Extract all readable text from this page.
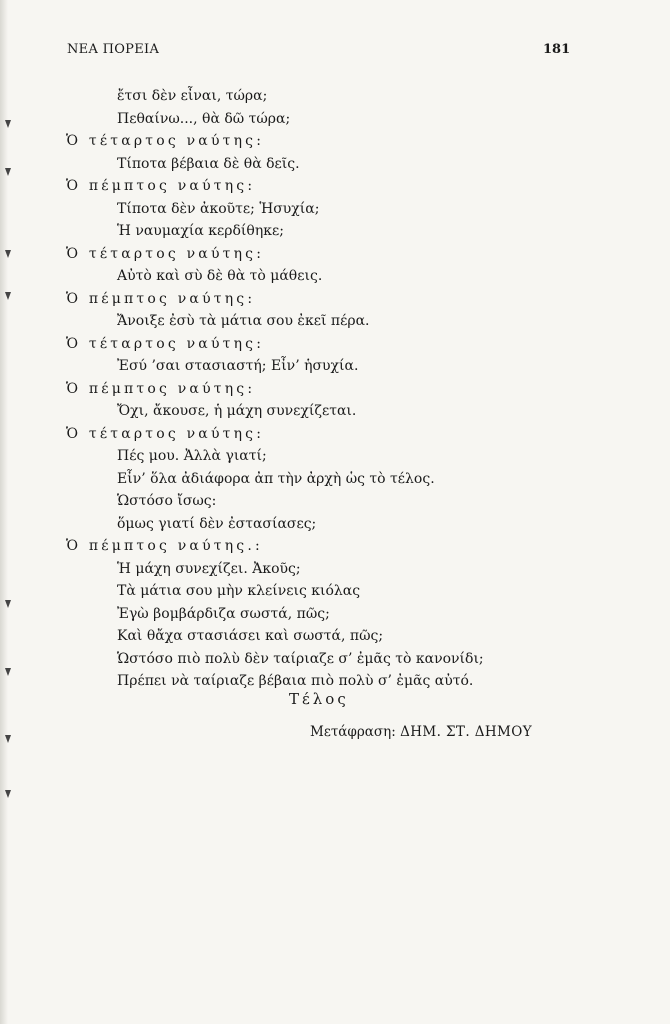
ΝΕΑ ΠΟΡΕΙΑ	181
ἔτσι δὲν εἶναι, τώρα;
Πεθαίνω..., θὰ δῶ τώρα;
Ὁ τέταρτος ναύτης:
Τίποτα βέβαια δὲ θὰ δεῖς.
Ὁ πέμπτος ναύτης:
Τίποτα δὲν ἀκοῦτε; Ἡσυχία;
Ἡ ναυμαχία κερδίθηκε;
Ὁ τέταρτος ναύτης:
Αὐτὸ καὶ σὺ δὲ θὰ τὸ μάθεις.
Ὁ πέμπτος ναύτης:
Ἄνοιξε ἐσὺ τὰ μάτια σου ἐκεῖ πέρα.
Ὁ τέταρτος ναύτης:
Ἐσύ ’σαι στασιαστή; Εἶν’ ἡσυχία.
Ὁ πέμπτος ναύτης:
Ὄχι, ἄκουσε, ἡ μάχη συνεχίζεται.
Ὁ τέταρτος ναύτης:
Πές μου. Ἀλλὰ γιατί;
Εἶν’ ὅλα ἀδιάφορα ἀπ τὴν ἀρχὴ ὡς τὸ τέλος.
Ὡστόσο ἴσως:
ὅμως γιατί δὲν ἐστασίασες;
Ὁ πέμπτος ναύτης.:
Ἡ μάχη συνεχίζει. Ἀκοῦς;
Τὰ μάτια σου μὴν κλείνεις κιόλας
Ἐγὼ βομβάρδιζα σωστά, πῶς;
Καὶ θἄχα στασιάσει καὶ σωστά, πῶς;
Ὡστόσο πιὸ πολὺ δὲν ταίριαζε σ’ ἐμᾶς τὸ κανονίδι;
Πρέπει νὰ ταίριαζε βέβαια πιὸ πολὺ σ’ ἐμᾶς αὐτό.
Τέλος
Μετάφραση: ΔΗΜ. ΣΤ. ΔΗΜΟΥ
